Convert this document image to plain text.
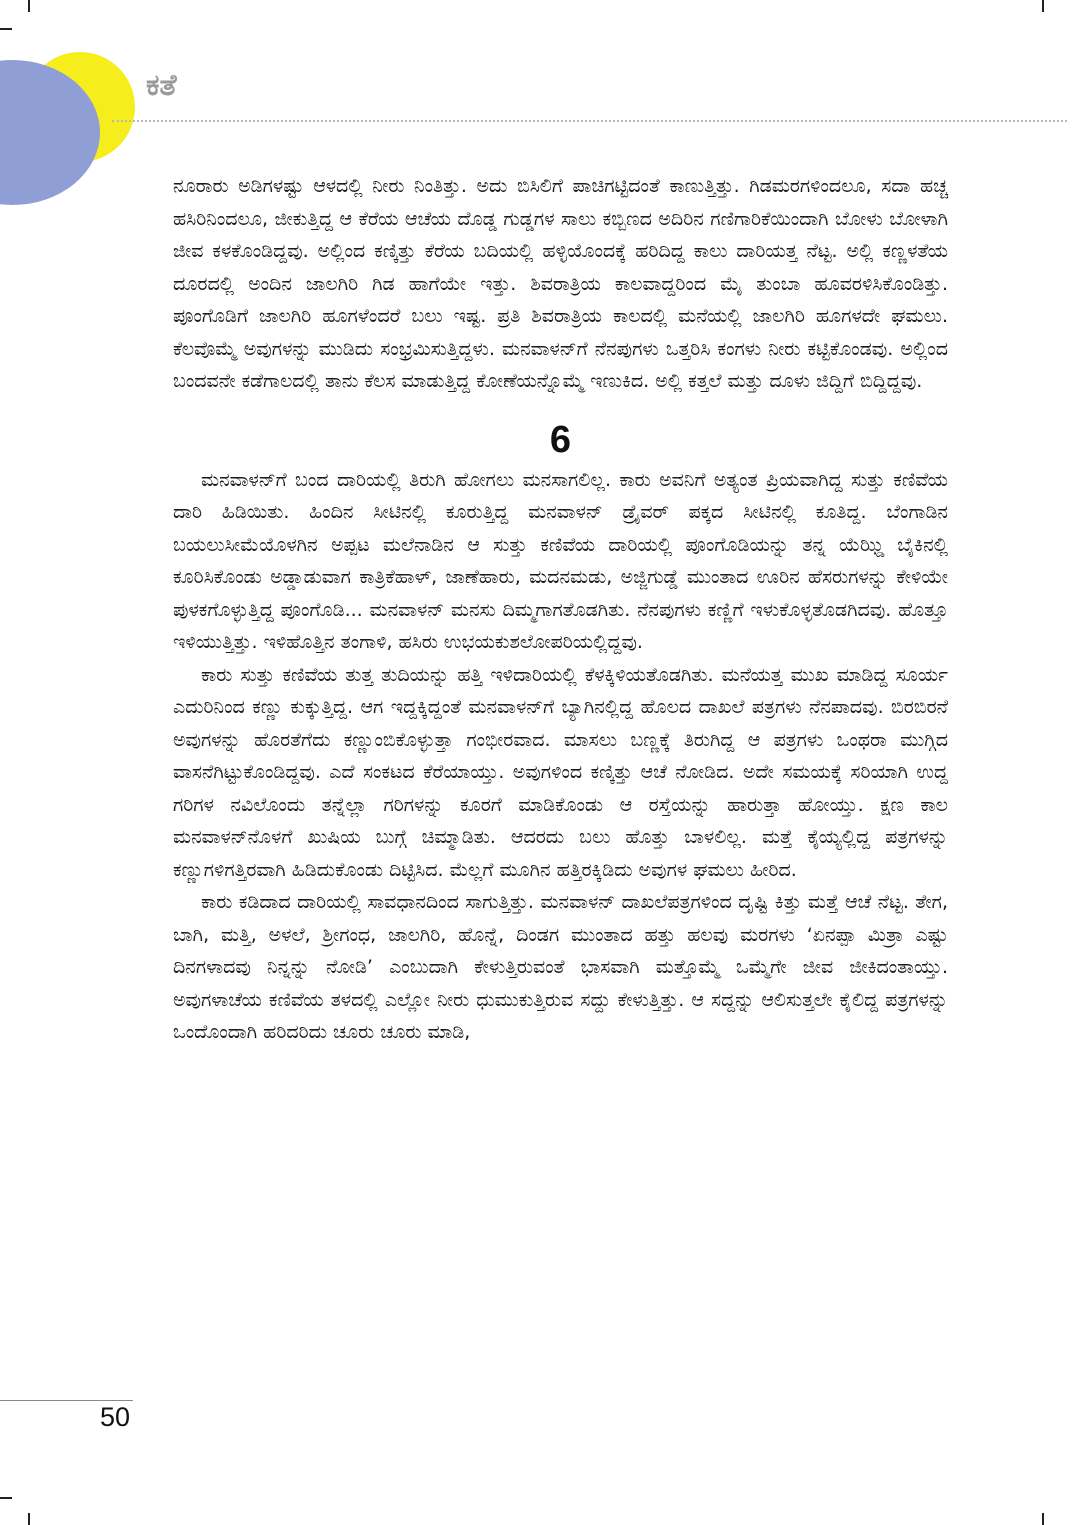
ಕತೆ

ನೂರಾರು ಅಡಿಗಳಷ್ಟು ಆಳದಲ್ಲಿ ನೀರು ನಿಂತಿತ್ತು. ಅದು ಬಿಸಿಲಿಗೆ ಪಾಚಿಗಟ್ಟಿದಂತೆ ಕಾಣುತ್ತಿತ್ತು. ಗಿಡಮರಗಳಿಂದಲೂ, ಸದಾ ಹಚ್ಚ ಹಸಿರಿನಿಂದಲೂ, ಜೀಕುತ್ತಿದ್ದ ಆ ಕೆರೆಯ ಆಚೆಯ ದೊಡ್ಡ ಗುಡ್ಡಗಳ ಸಾಲು ಕಬ್ಬಿಣದ ಅದಿರಿನ ಗಣಿಗಾರಿಕೆಯಿಂದಾಗಿ ಬೋಳು ಬೋಳಾಗಿ ಜೀವ ಕಳಕೊಂಡಿದ್ದವು. ಅಲ್ಲಿಂದ ಕಣ್ಕಿತ್ತು ಕೆರೆಯ ಬದಿಯಲ್ಲಿ ಹಳ್ಳಿಯೊಂದಕ್ಕೆ ಹರಿದಿದ್ದ ಕಾಲು ದಾರಿಯತ್ತ ನೆಟ್ಟ. ಅಲ್ಲಿ ಕಣ್ಣಳತೆಯ ದೂರದಲ್ಲಿ ಅಂದಿನ ಜಾಲಗಿರಿ ಗಿಡ ಹಾಗೆಯೇ ಇತ್ತು. ಶಿವರಾತ್ರಿಯ ಕಾಲವಾದ್ದರಿಂದ ಮೈ ತುಂಬಾ ಹೂವರಳಿಸಿಕೊಂಡಿತ್ತು. ಪೂಂಗೊಡಿಗೆ ಜಾಲಗಿರಿ ಹೂಗಳೆಂದರೆ ಬಲು ಇಷ್ಟ. ಪ್ರತಿ ಶಿವರಾತ್ರಿಯ ಕಾಲದಲ್ಲಿ ಮನೆಯಲ್ಲಿ ಜಾಲಗಿರಿ ಹೂಗಳದೇ ಘಮಲು. ಕೆಲವೊಮ್ಮೆ ಅವುಗಳನ್ನು ಮುಡಿದು ಸಂಭ್ರಮಿಸುತ್ತಿದ್ದಳು. ಮನವಾಳನ್‌ಗೆ ನೆನಪುಗಳು ಒತ್ತರಿಸಿ ಕಂಗಳು ನೀರು ಕಟ್ಟಿಕೊಂಡವು. ಅಲ್ಲಿಂದ ಬಂದವನೇ ಕಡೆಗಾಲದಲ್ಲಿ ತಾನು ಕೆಲಸ ಮಾಡುತ್ತಿದ್ದ ಕೋಣೆಯನ್ನೊಮ್ಮೆ ಇಣುಕಿದ. ಅಲ್ಲಿ ಕತ್ತಲೆ ಮತ್ತು ದೂಳು ಜಿದ್ದಿಗೆ ಬಿದ್ದಿದ್ದವು.

6

ಮನವಾಳನ್‌ಗೆ ಬಂದ ದಾರಿಯಲ್ಲಿ ತಿರುಗಿ ಹೋಗಲು ಮನಸಾಗಲಿಲ್ಲ. ಕಾರು ಅವನಿಗೆ ಅತ್ಯಂತ ಪ್ರಿಯವಾಗಿದ್ದ ಸುತ್ತು ಕಣಿವೆಯ ದಾರಿ ಹಿಡಿಯಿತು. ಹಿಂದಿನ ಸೀಟಿನಲ್ಲಿ ಕೂರುತ್ತಿದ್ದ ಮನವಾಳನ್ ಡ್ರೈವರ್ ಪಕ್ಕದ ಸೀಟಿನಲ್ಲಿ ಕೂತಿದ್ದ. ಬೆಂಗಾಡಿನ ಬಯಲುಸೀಮೆಯೊಳಗಿನ ಅಪ್ಪಟ ಮಲೆನಾಡಿನ ಆ ಸುತ್ತು ಕಣಿವೆಯ ದಾರಿಯಲ್ಲಿ ಪೂಂಗೊಡಿಯನ್ನು ತನ್ನ ಯೆಝ್ಡಿ ಬೈಕಿನಲ್ಲಿ ಕೂರಿಸಿಕೊಂಡು ಅಡ್ಡಾಡುವಾಗ ಕಾತ್ರಿಕೆಹಾಳ್, ಜಾಣೆಹಾರು, ಮದನಮಡು, ಅಜ್ಜಿಗುಡ್ಡೆ ಮುಂತಾದ ಊರಿನ ಹೆಸರುಗಳನ್ನು ಕೇಳಿಯೇ ಪುಳಕಗೊಳ್ಳುತ್ತಿದ್ದ ಪೂಂಗೊಡಿ... ಮನವಾಳನ್ ಮನಸು ದಿಮ್ಮಗಾಗತೊಡಗಿತು. ನೆನಪುಗಳು ಕಣ್ಣಿಗೆ ಇಳುಕೊಳ್ಳತೊಡಗಿದವು. ಹೊತ್ತೂ ಇಳಿಯುತ್ತಿತ್ತು. ಇಳಿಹೊತ್ತಿನ ತಂಗಾಳಿ, ಹಸಿರು ಉಭಯಕುಶಲೋಪರಿಯಲ್ಲಿದ್ದವು.

ಕಾರು ಸುತ್ತು ಕಣಿವೆಯ ತುತ್ತ ತುದಿಯನ್ನು ಹತ್ತಿ ಇಳಿದಾರಿಯಲ್ಲಿ ಕೆಳಕ್ಕಿಳಿಯತೊಡಗಿತು. ಮನೆಯತ್ತ ಮುಖ ಮಾಡಿದ್ದ ಸೂರ್ಯ ಎದುರಿನಿಂದ ಕಣ್ಣು ಕುಕ್ಕುತ್ತಿದ್ದ. ಆಗ ಇದ್ದಕ್ಕಿದ್ದಂತೆ ಮನವಾಳನ್‌ಗೆ ಬ್ಯಾಗಿನಲ್ಲಿದ್ದ ಹೊಲದ ದಾಖಲೆ ಪತ್ರಗಳು ನೆನಪಾದವು. ಬಿರಬಿರನೆ ಅವುಗಳನ್ನು ಹೊರತೆಗೆದು ಕಣ್ಣುಂಬಿಕೊಳ್ಳುತ್ತಾ ಗಂಭೀರವಾದ. ಮಾಸಲು ಬಣ್ಣಕ್ಕೆ ತಿರುಗಿದ್ದ ಆ ಪತ್ರಗಳು ಒಂಥರಾ ಮುಗ್ಗಿದ ವಾಸನೆಗಿಟ್ಟುಕೊಂಡಿದ್ದವು. ಎದೆ ಸಂಕಟದ ಕೆರೆಯಾಯ್ತು. ಅವುಗಳಿಂದ ಕಣ್ಕಿತ್ತು ಆಚೆ ನೋಡಿದ. ಅದೇ ಸಮಯಕ್ಕೆ ಸರಿಯಾಗಿ ಉದ್ದ ಗರಿಗಳ ನವಿಲೊಂದು ತನ್ನೆಲ್ಲಾ ಗರಿಗಳನ್ನು ಕೂರಗೆ ಮಾಡಿಕೊಂಡು ಆ ರಸ್ತೆಯನ್ನು ಹಾರುತ್ತಾ ಹೋಯ್ತು. ಕ್ಷಣ ಕಾಲ ಮನವಾಳನ್‌ನೊಳಗೆ ಖುಷಿಯ ಬುಗ್ಗೆ ಚಿಮ್ಮಾಡಿತು. ಆದರದು ಬಲು ಹೊತ್ತು ಬಾಳಲಿಲ್ಲ. ಮತ್ತೆ ಕೈಯ್ಯಲ್ಲಿದ್ದ ಪತ್ರಗಳನ್ನು ಕಣ್ಣುಗಳಿಗತ್ತಿರವಾಗಿ ಹಿಡಿದುಕೊಂಡು ದಿಟ್ಟಿಸಿದ. ಮೆಲ್ಲಗೆ ಮೂಗಿನ ಹತ್ತಿರಕ್ಕಿಡಿದು ಅವುಗಳ ಘಮಲು ಹೀರಿದ.

ಕಾರು ಕಡಿದಾದ ದಾರಿಯಲ್ಲಿ ಸಾವಧಾನದಿಂದ ಸಾಗುತ್ತಿತ್ತು. ಮನವಾಳನ್ ದಾಖಲೆಪತ್ರಗಳಿಂದ ದೃಷ್ಟಿ ಕಿತ್ತು ಮತ್ತೆ ಆಚೆ ನೆಟ್ಟ. ತೇಗ, ಬಾಗಿ, ಮತ್ತಿ, ಅಳಲೆ, ಶ್ರೀಗಂಧ, ಜಾಲಗಿರಿ, ಹೊನ್ನೆ, ದಿಂಡಗ ಮುಂತಾದ ಹತ್ತು ಹಲವು ಮರಗಳು ‘ಏನಪ್ಪಾ ಮಿತ್ರಾ ಎಷ್ಟು ದಿನಗಳಾದವು ನಿನ್ನನ್ನು ನೋಡಿ’ ಎಂಬುದಾಗಿ ಕೇಳುತ್ತಿರುವಂತೆ ಭಾಸವಾಗಿ ಮತ್ತೊಮ್ಮೆ ಒಮ್ಮೆಗೇ ಜೀವ ಜೀಕಿದಂತಾಯ್ತು. ಅವುಗಳಾಚೆಯ ಕಣಿವೆಯ ತಳದಲ್ಲಿ ಎಲ್ಲೋ ನೀರು ಧುಮುಕುತ್ತಿರುವ ಸದ್ದು ಕೇಳುತ್ತಿತ್ತು. ಆ ಸದ್ದನ್ನು ಆಲಿಸುತ್ತಲೇ ಕೈಲಿದ್ದ ಪತ್ರಗಳನ್ನು ಒಂದೊಂದಾಗಿ ಹರಿದರಿದು ಚೂರು ಚೂರು ಮಾಡಿ,

50
